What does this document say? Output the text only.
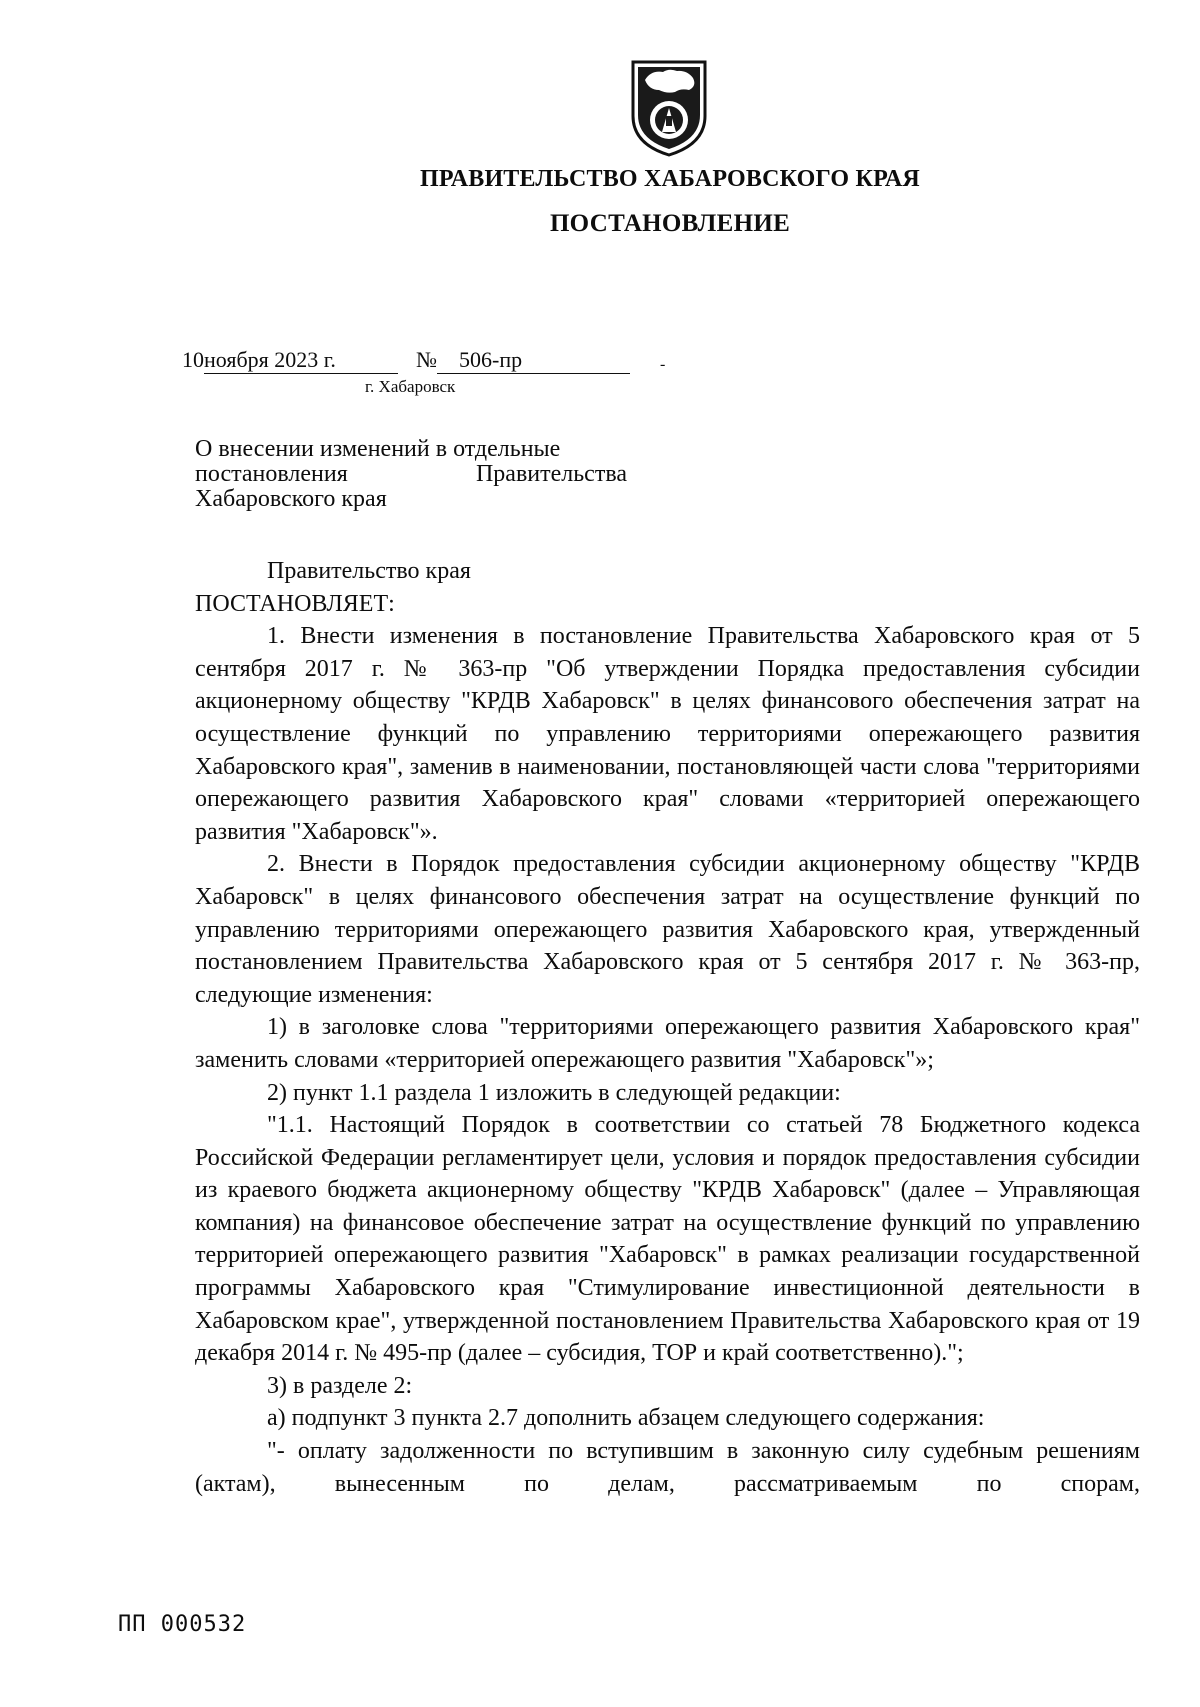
ПРАВИТЕЛЬСТВО ХАБАРОВСКОГО КРАЯ
ПОСТАНОВЛЕНИЕ
10ноября 2023 г.	№ 506-пр	-
г. Хабаровск
О внесении изменений в отдельные
постановления Правительства
Хабаровского края

Правительство края

ПОСТАНОВЛЯЕТ:

1. Внести изменения в постановление Правительства Хабаровского края от 5 сентября 2017 г. № 363-пр "Об утверждении Порядка предоставления субсидии акционерному обществу "КРДВ Хабаровск" в целях финансового обеспечения затрат на осуществление функций по управлению территориями опережающего развития Хабаровского края", заменив в наименовании, постановляющей части слова "территориями опережающего развития Хабаровского края" словами «территорией опережающего развития "Хабаровск"».

2. Внести в Порядок предоставления субсидии акционерному обществу "КРДВ Хабаровск" в целях финансового обеспечения затрат на осуществление функций по управлению территориями опережающего развития Хабаровского края, утвержденный постановлением Правительства Хабаровского края от 5 сентября 2017 г. № 363-пр, следующие изменения:

1) в заголовке слова "территориями опережающего развития Хабаровского края" заменить словами «территорией опережающего развития "Хабаровск"»;

2) пункт 1.1 раздела 1 изложить в следующей редакции:

"1.1. Настоящий Порядок в соответствии со статьей 78 Бюджетного кодекса Российской Федерации регламентирует цели, условия и порядок предоставления субсидии из краевого бюджета акционерному обществу "КРДВ Хабаровск" (далее – Управляющая компания) на финансовое обеспечение затрат на осуществление функций по управлению территорией опережающего развития "Хабаровск" в рамках реализации государственной программы Хабаровского края "Стимулирование инвестиционной деятельности в Хабаровском крае", утвержденной постановлением Правительства Хабаровского края от 19 декабря 2014 г. № 495-пр (далее – субсидия, ТОР и край соответственно).";

3) в разделе 2:

а) подпункт 3 пункта 2.7 дополнить абзацем следующего содержания:

"- оплату задолженности по вступившим в законную силу судебным решениям (актам), вынесенным по делам, рассматриваемым по спорам,

ПП 000532
